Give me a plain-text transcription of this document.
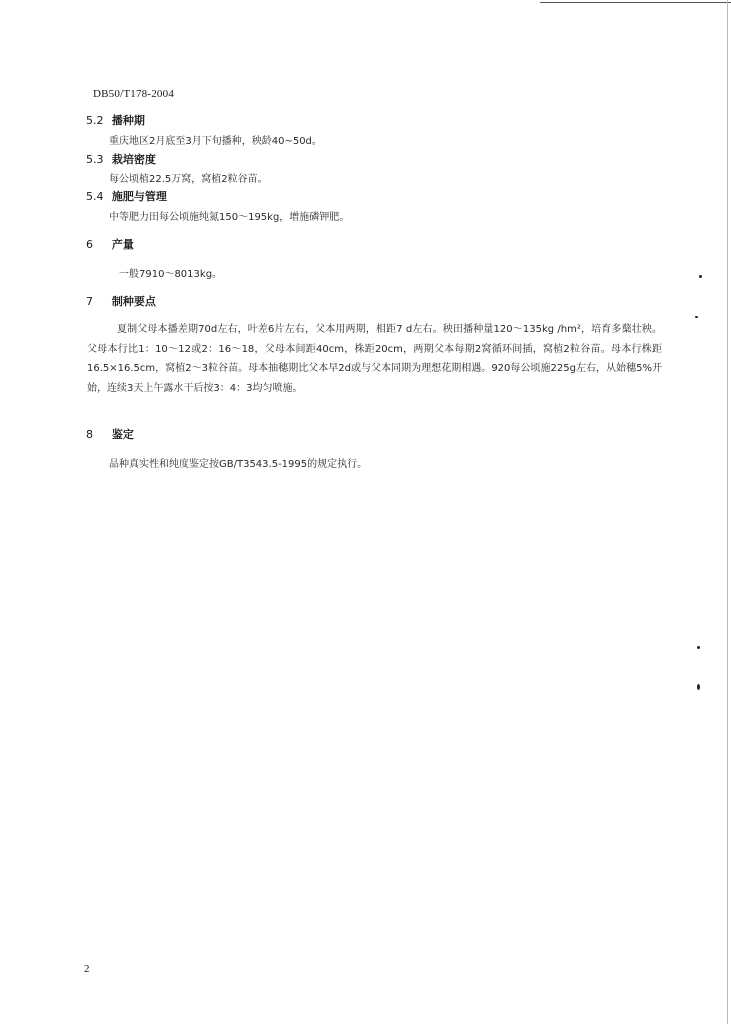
DB50/T178-2004
5.2 播种期
重庆地区2月底至3月下旬播种，秧龄40~50d。
5.3 栽培密度
每公顷植22.5万窝，窝植2粒谷苗。
5.4 施肥与管理
中等肥力田每公顷施纯氮150～195kg，增施磷钾肥。
6 产量
一般7910～8013kg。
7 制种要点
夏制父母本播差期70d左右，叶差6片左右，父本用两期，相距7 d左右。秧田播种量120～135kg /hm²，培育多蘖壮秧。父母本行比1：10～12或2：16～18，父母本间距40cm，株距20cm，两期父本每期2窝循环间插，窝植2粒谷苗。母本行株距16.5×16.5cm，窝植2～3粒谷苗。母本抽穗期比父本早2d或与父本同期为理想花期相遇。920每公顷施225g左右，从始穗5%开始，连续3天上午露水干后按3：4：3均匀喷施。
8 鉴定
品种真实性和纯度鉴定按GB/T3543.5-1995的规定执行。
2
